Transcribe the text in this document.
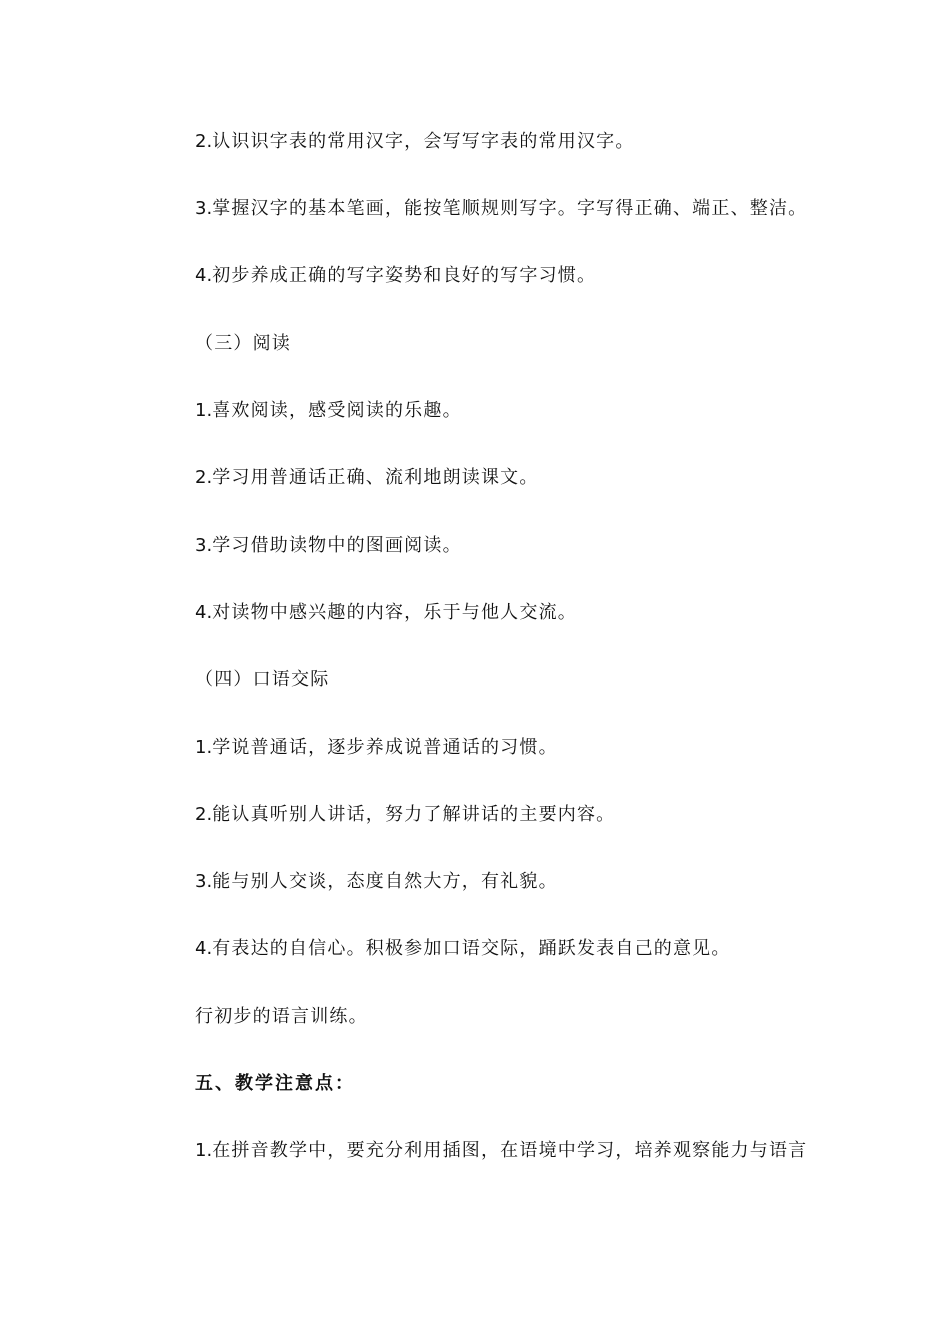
2.认识识字表的常用汉字，会写写字表的常用汉字。
3.掌握汉字的基本笔画，能按笔顺规则写字。字写得正确、端正、整洁。
4.初步养成正确的写字姿势和良好的写字习惯。
（三）阅读
1.喜欢阅读，感受阅读的乐趣。
2.学习用普通话正确、流利地朗读课文。
3.学习借助读物中的图画阅读。
4.对读物中感兴趣的内容，乐于与他人交流。
（四）口语交际
1.学说普通话，逐步养成说普通话的习惯。
2.能认真听别人讲话，努力了解讲话的主要内容。
3.能与别人交谈，态度自然大方，有礼貌。
4.有表达的自信心。积极参加口语交际，踊跃发表自己的意见。
行初步的语言训练。
五、教学注意点：
1.在拼音教学中，要充分利用插图，在语境中学习，培养观察能力与语言
